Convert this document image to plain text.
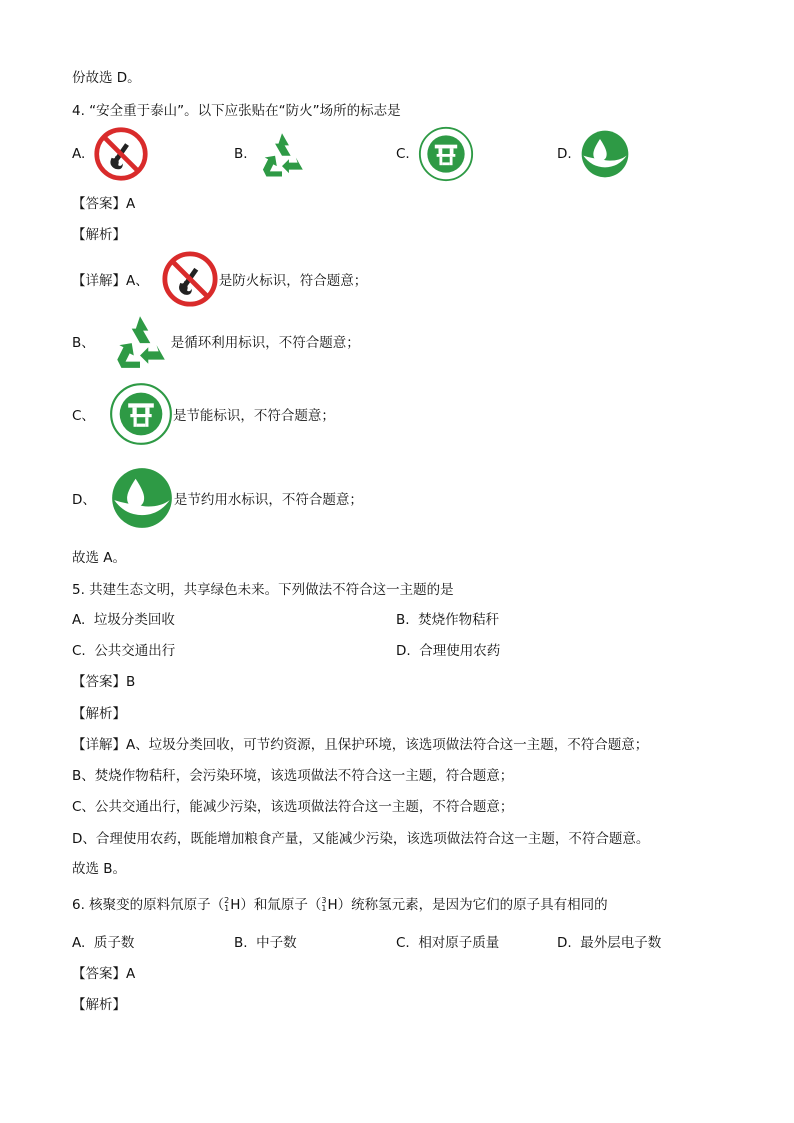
份故选 D。
4. “安全重于泰山”。以下应张贴在“防火”场所的标志是
A.	B.	C.	D.
【答案】A
【解析】
【详解】A、	是防火标识，符合题意；
B、	是循环利用标识，不符合题意；
C、	是节能标识，不符合题意；
D、	是节约用水标识，不符合题意；
故选 A。
5. 共建生态文明，共享绿色未来。下列做法不符合这一主题的是
A. 垃圾分类回收	B. 焚烧作物秸秆
C. 公共交通出行	D. 合理使用农药
【答案】B
【解析】
【详解】A、垃圾分类回收，可节约资源，且保护环境，该选项做法符合这一主题，不符合题意；
B、焚烧作物秸秆，会污染环境，该选项做法不符合这一主题，符合题意；
C、公共交通出行，能减少污染，该选项做法符合这一主题，不符合题意；
D、合理使用农药，既能增加粮食产量，又能减少污染，该选项做法符合这一主题，不符合题意。
故选 B。
6. 核聚变的原料氘原子（ 2
1 H）和氚原子（ 3
1 H）统称氢元素，是因为它们的原子具有相同的
A. 质子数	B. 中子数	C. 相对原子质量	D. 最外层电子数
【答案】A
【解析】
